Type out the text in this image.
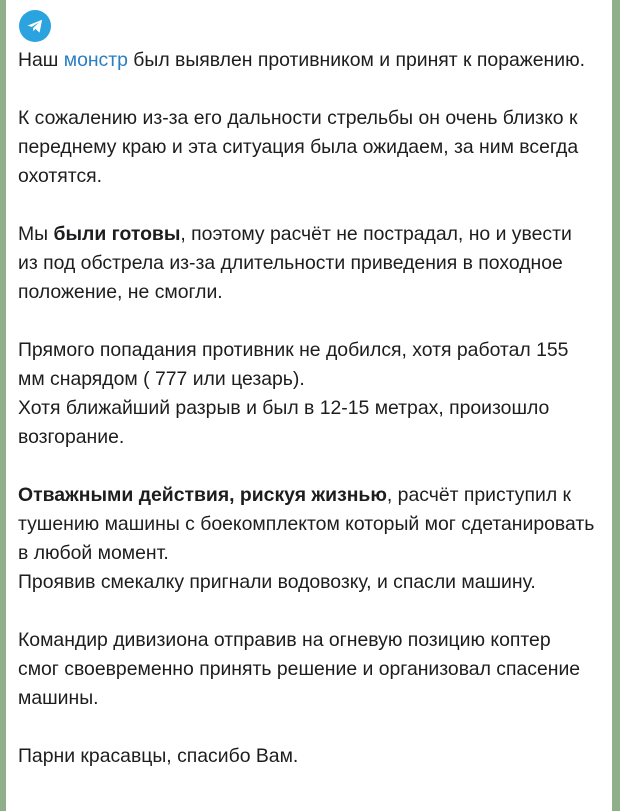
Наш монстр был выявлен противником и принят к поражению.

К сожалению из-за его дальности стрельбы он очень близко к переднему краю и эта ситуация была ожидаем, за ним всегда охотятся.

Мы были готовы, поэтому расчёт не пострадал, но и увести из под обстрела из-за длительности приведения в походное положение, не смогли.

Прямого попадания противник не добился, хотя работал 155 мм снарядом ( 777 или цезарь).
Хотя ближайший разрыв и был в 12-15 метрах, произошло возгорание.

Отважными действия, рискуя жизнью, расчёт приступил к тушению машины с боекомплектом который мог сдетанировать в любой момент.
Проявив смекалку пригнали водовозку, и спасли машину.

Командир дивизиона отправив на огневую позицию коптер смог своевременно принять решение и организовал спасение машины.

Парни красавцы, спасибо Вам.
